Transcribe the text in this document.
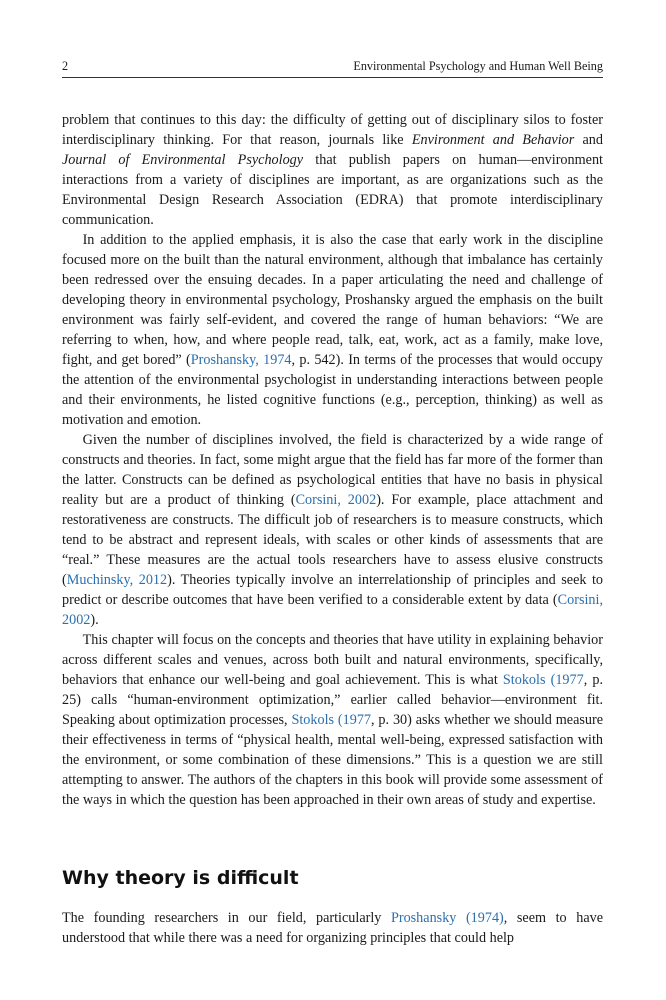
2	Environmental Psychology and Human Well Being

problem that continues to this day: the difficulty of getting out of disciplinary silos to foster interdisciplinary thinking. For that reason, journals like Environment and Behavior and Journal of Environmental Psychology that publish papers on human—environment interactions from a variety of disciplines are important, as are organizations such as the Environmental Design Research Association (EDRA) that promote interdisciplinary communication.

In addition to the applied emphasis, it is also the case that early work in the discipline focused more on the built than the natural environment, although that imbalance has certainly been redressed over the ensuing decades. In a paper articulating the need and challenge of developing theory in environmental psychology, Proshansky argued the emphasis on the built environment was fairly self-evident, and covered the range of human behaviors: “We are referring to when, how, and where people read, talk, eat, work, act as a family, make love, fight, and get bored” (Proshansky, 1974, p. 542). In terms of the processes that would occupy the attention of the environmental psychologist in understanding interactions between people and their environments, he listed cognitive functions (e.g., perception, thinking) as well as motivation and emotion.

Given the number of disciplines involved, the field is characterized by a wide range of constructs and theories. In fact, some might argue that the field has far more of the former than the latter. Constructs can be defined as psychological entities that have no basis in physical reality but are a product of thinking (Corsini, 2002). For example, place attachment and restorativeness are constructs. The difficult job of researchers is to measure constructs, which tend to be abstract and represent ideals, with scales or other kinds of assessments that are “real.” These measures are the actual tools researchers have to assess elusive constructs (Muchinsky, 2012). Theories typically involve an interrelationship of principles and seek to predict or describe outcomes that have been verified to a considerable extent by data (Corsini, 2002).

This chapter will focus on the concepts and theories that have utility in explaining behavior across different scales and venues, across both built and natural environments, specifically, behaviors that enhance our well-being and goal achievement. This is what Stokols (1977, p. 25) calls “human-environment optimization,” earlier called behavior—environment fit. Speaking about optimization processes, Stokols (1977, p. 30) asks whether we should measure their effectiveness in terms of “physical health, mental well-being, expressed satisfaction with the environment, or some combination of these dimensions.” This is a question we are still attempting to answer. The authors of the chapters in this book will provide some assessment of the ways in which the question has been approached in their own areas of study and expertise.

Why theory is difficult

The founding researchers in our field, particularly Proshansky (1974), seem to have understood that while there was a need for organizing principles that could help
